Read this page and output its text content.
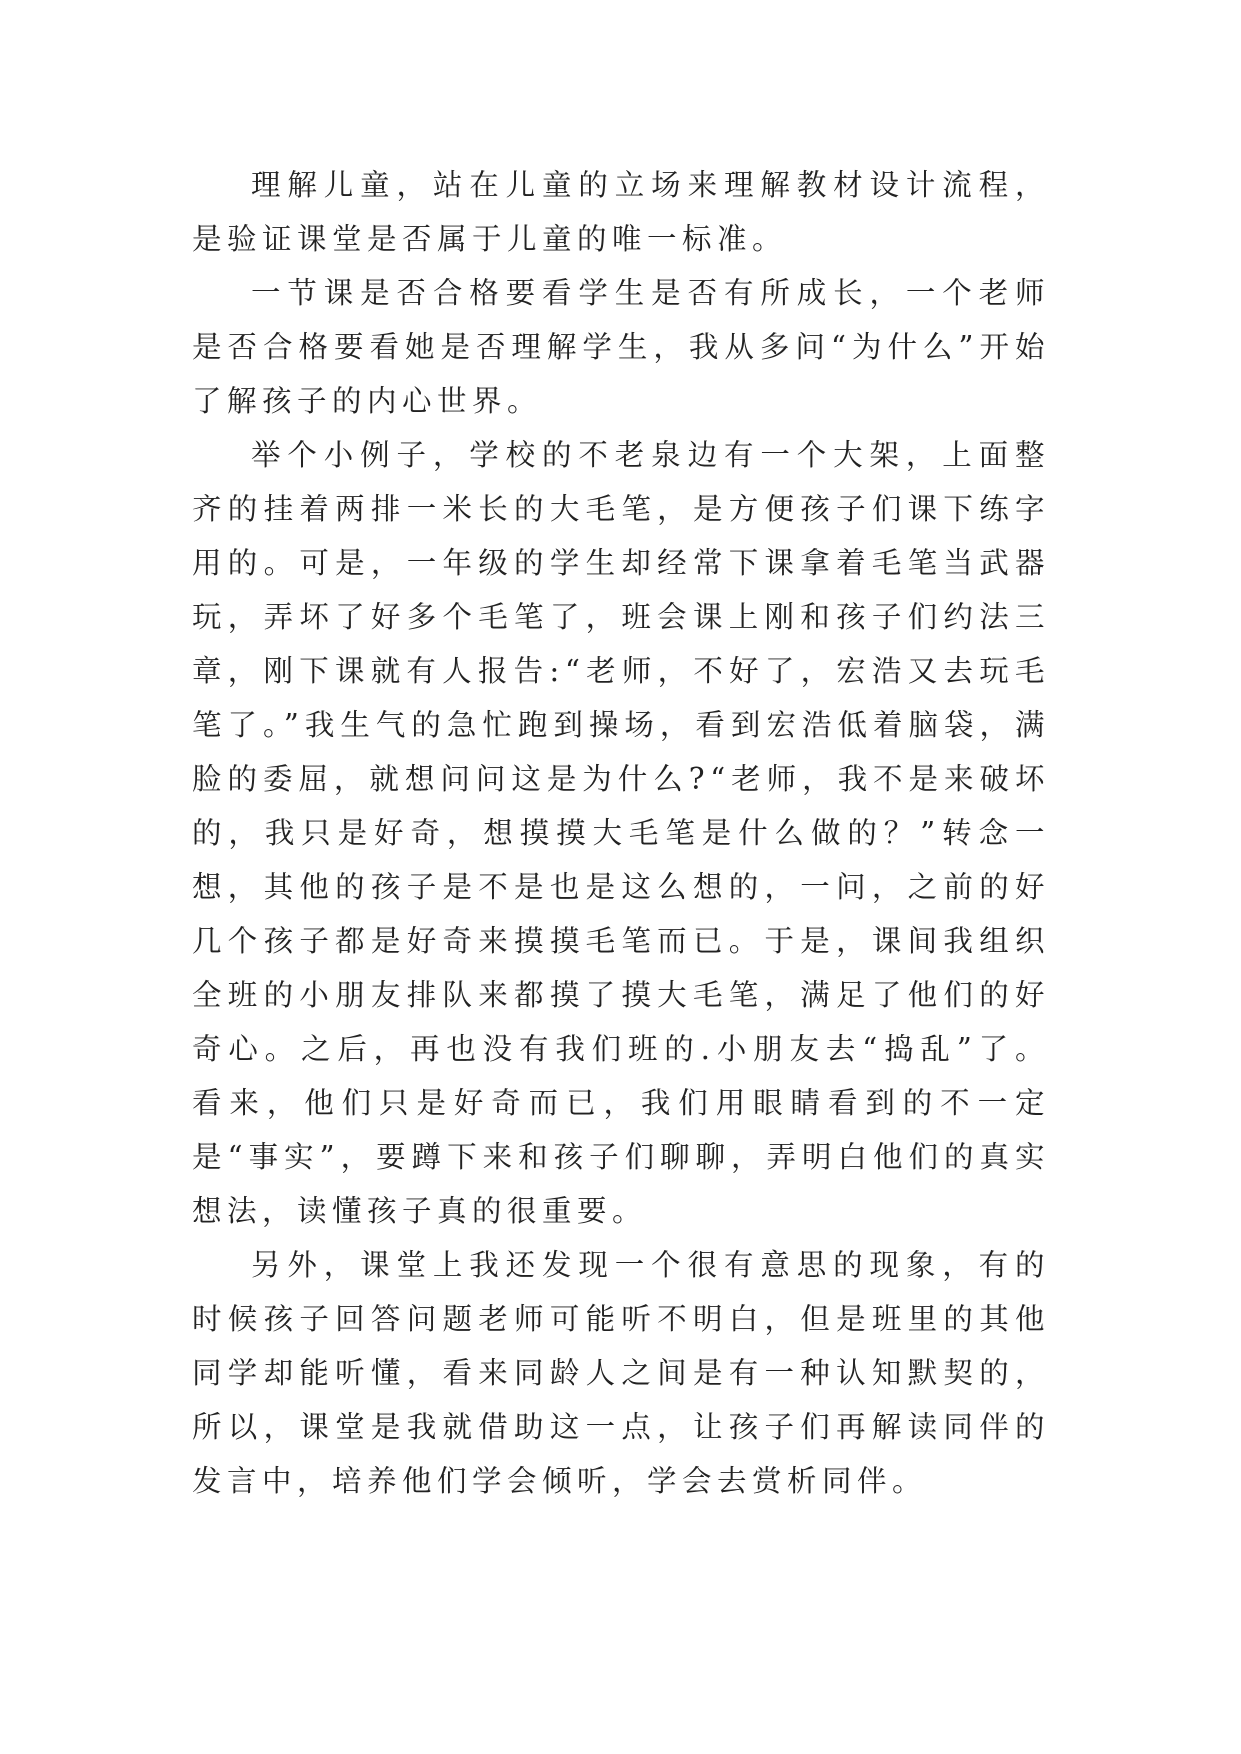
理解儿童，站在儿童的立场来理解教材设计流程，是验证课堂是否属于儿童的唯一标准。

一节课是否合格要看学生是否有所成长，一个老师是否合格要看她是否理解学生，我从多问“为什么”开始了解孩子的内心世界。

举个小例子，学校的不老泉边有一个大架，上面整齐的挂着两排一米长的大毛笔，是方便孩子们课下练字用的。可是，一年级的学生却经常下课拿着毛笔当武器玩，弄坏了好多个毛笔了，班会课上刚和孩子们约法三章，刚下课就有人报告:“老师，不好了，宏浩又去玩毛笔了。”我生气的急忙跑到操场，看到宏浩低着脑袋，满脸的委屈，就想问问这是为什么?“老师，我不是来破坏的，我只是好奇，想摸摸大毛笔是什么做的？”转念一想，其他的孩子是不是也是这么想的，一问，之前的好几个孩子都是好奇来摸摸毛笔而已。于是，课间我组织全班的小朋友排队来都摸了摸大毛笔，满足了他们的好奇心。之后，再也没有我们班的.小朋友去“捣乱”了。看来，他们只是好奇而已，我们用眼睛看到的不一定是“事实”，要蹲下来和孩子们聊聊，弄明白他们的真实想法，读懂孩子真的很重要。

另外，课堂上我还发现一个很有意思的现象，有的时候孩子回答问题老师可能听不明白，但是班里的其他同学却能听懂，看来同龄人之间是有一种认知默契的，所以，课堂是我就借助这一点，让孩子们再解读同伴的发言中，培养他们学会倾听，学会去赏析同伴。
